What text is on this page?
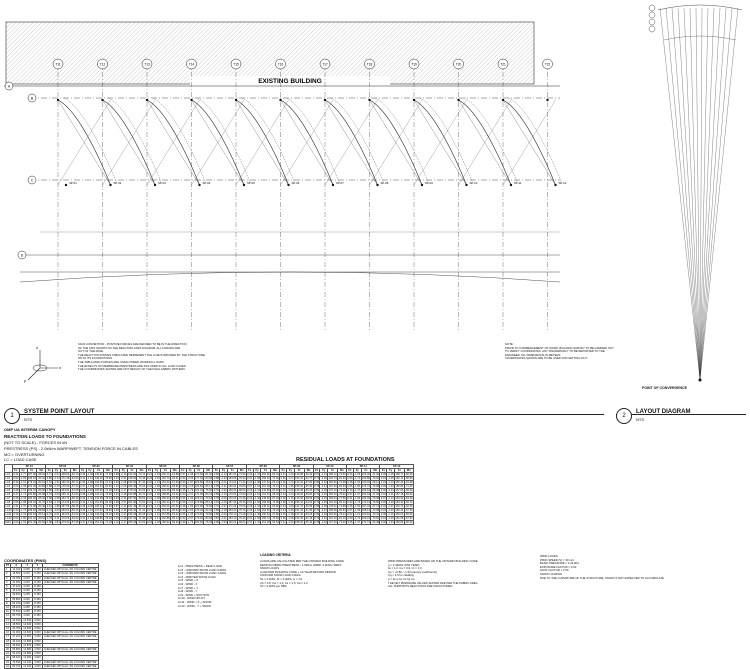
EXISTING BUILDING
SP-01	SP-02	SP-03	SP-04	SP-05	SP-06	SP-07	SP-08	SP-09	SP-10	SP-11	SP-12
T11	T12	T13	T14	T15	T16	T17	T18	T19	T20	T21	T22
A
B
C
D
z
x
y
POINT OF CONVERGENCE
SIGN CONVENTION - POSITIVE FORCES ARE DEFINED TO BE IN THE DIRECTION
OF THE AXIS SHOWN ON THE REACTION AXES DIAGRAM. ALL FORCES ARE
OUT OF THE PAGE.
THE REACTION FORCES TABULATED REPRESENT THE LOADS IMPOSED BY THE STRUCTURE
ONTO ITS FOUNDATIONS.
THE TABULATED FORCES ARE UNFACTORED WORKING LOADS.
THE EFFECTS OF MEMBRANE PRESTRESS ARE INCLUDED IN ALL LOAD CASES.
THE COORDINATES SHOWN ARE NOT RESULT OF THE FINAL FABRIC PATTERN.
NOTE:
PRIOR TO COMMENCEMENT OF WORK, BUILDING SURVEY TO BE CARRIED OUT
TO VERIFY COORDINATES. ANY DISCREPANCY TO BE REPORTED TO THE
ENGINEER. ALL DIMENSIONS IN METERS.
COORDINATES SHOWN ARE TO BE USED FOR SETTING OUT.
1
SYSTEM POINT LAYOUT
NTS
2
LAYOUT DIAGRAM
NTS
OMP UA INTERIM CANOPY
REACTION LOADS TO FOUNDATIONS
(NOT TO SCALE) - FORCES IN kN
PRESTRESS (PS) - 2.0kN/m WARP/WEFT, TENSION FORCE IN CABLES
MO = OVERTURNING
LC = LOAD CASE	RESIDUAL LOADS AT FOUNDATIONS
	SP-01				SP-02				SP-03				SP-04				SP-05				SP-06				SP-07				SP-08				SP-09				SP-10				SP-11				SP-12			
	Fx	Fy	Fz	Mo	Fx	Fy	Fz	Mo	Fx	Fy	Fz	Mo	Fx	Fy	Fz	Mo	Fx	Fy	Fz	Mo	Fx	Fy	Fz	Mo	Fx	Fy	Fz	Mo	Fx	Fy	Fz	Mo	Fx	Fy	Fz	Mo	Fx	Fy	Fz	Mo	Fx	Fy	Fz	Mo	Fx	Fy	Fz	Mo
LC1	0.41	-1.77	187.00	-88.04	0.71	-2.04	168.04	-62.13	0.36	-1.05	145.92	-77.40	0.98	-2.40	192.30	-70.12	0.24	-1.33	160.14	-64.88	0.57	-1.98	173.56	-81.20	0.82	-2.12	181.04	-74.56	0.46	-1.47	152.90	-69.01	0.31	-1.20	149.88	-60.43	0.67	-2.21	188.12	-79.66	0.54	-1.63	166.40	-71.92	0.39	-1.18	158.77	-66.25
LC2	0.52	-1.83	193.10	-90.44	0.80	-2.13	171.48	-64.90	0.41	-1.12	149.20	-79.82	1.04	-2.51	198.64	-72.35	0.29	-1.40	163.70	-66.41	0.62	-2.06	177.02	-83.68	0.88	-2.20	184.88	-76.92	0.51	-1.55	156.34	-71.40	0.36	-1.27	153.10	-62.77	0.72	-2.30	191.74	-81.90	0.59	-1.71	169.86	-74.04	0.44	-1.25	162.11	-68.50
LC3	0.33	-1.61	176.44	-84.10	0.64	-1.92	160.30	-59.72	0.30	-0.98	140.56	-74.01	0.90	-2.28	184.92	-67.40	0.20	-1.24	154.60	-61.93	0.50	-1.87	166.80	-78.10	0.75	-2.01	174.22	-71.34	0.40	-1.38	147.62	-66.10	0.26	-1.12	144.04	-57.80	0.60	-2.10	180.96	-76.38	0.48	-1.54	160.02	-69.11	0.34	-1.10	152.40	-63.48
LC4	0.60	-1.95	201.30	-93.80	0.88	-2.25	176.90	-67.44	0.47	-1.20	154.34	-82.56	1.12	-2.63	205.46	-75.02	0.34	-1.48	168.92	-68.96	0.69	-2.15	182.60	-86.74	0.95	-2.31	190.04	-79.80	0.57	-1.64	161.28	-74.12	0.41	-1.35	158.02	-65.30	0.78	-2.41	197.30	-84.66	0.65	-1.80	174.72	-76.98	0.49	-1.33	166.84	-71.02
LC5	0.28	-1.52	169.70	-80.66	0.58	-1.84	154.82	-57.08	0.26	-0.92	135.90	-71.18	0.84	-2.17	178.10	-64.62	0.17	-1.18	149.48	-59.40	0.46	-1.79	161.04	-75.02	0.70	-1.93	168.40	-68.64	0.36	-1.31	142.86	-63.52	0.22	-1.06	139.38	-55.34	0.56	-2.02	175.10	-73.40	0.44	-1.47	154.64	-66.38	0.30	-1.04	147.06	-60.94
LC6	0.47	-1.71	184.86	-86.98	0.76	-2.09	165.12	-61.54	0.38	-1.08	144.10	-76.66	1.01	-2.45	190.88	-69.70	0.26	-1.36	158.86	-64.02	0.60	-2.01	171.90	-80.44	0.85	-2.16	179.56	-73.90	0.49	-1.51	151.40	-68.36	0.33	-1.23	148.26	-59.84	0.70	-2.25	186.40	-78.92	0.57	-1.67	164.94	-71.30	0.42	-1.21	157.18	-65.62
LC7	0.36	-1.66	180.20	-85.32	0.68	-1.98	162.74	-60.40	0.33	-1.02	142.38	-75.34	0.94	-2.34	187.50	-68.52	0.22	-1.28	156.90	-62.86	0.53	-1.92	169.24	-79.18	0.78	-2.06	176.66	-72.46	0.43	-1.42	149.90	-67.22	0.28	-1.15	146.52	-58.66	0.63	-2.15	183.54	-77.56	0.51	-1.59	162.32	-70.08	0.37	-1.14	154.92	-64.40
LC8	0.55	-1.88	196.42	-91.70	0.84	-2.19	174.06	-66.02	0.44	-1.16	151.66	-81.06	1.08	-2.57	201.96	-73.64	0.31	-1.44	166.24	-67.70	0.66	-2.10	179.80	-85.12	0.91	-2.26	187.36	-78.36	0.54	-1.60	158.68	-72.80	0.38	-1.31	155.44	-64.02	0.75	-2.35	194.40	-83.22	0.62	-1.76	172.16	-75.50	0.46	-1.29	164.32	-69.74
LC9	0.31	-1.57	172.98	-82.40	0.61	-1.88	157.56	-58.36	0.28	-0.95	138.12	-72.60	0.87	-2.22	181.46	-66.00	0.19	-1.21	152.04	-60.66	0.48	-1.83	163.90	-76.56	0.72	-1.97	171.26	-70.00	0.38	-1.34	145.22	-64.82	0.24	-1.09	141.70	-56.56	0.58	-2.06	178.02	-74.88	0.46	-1.50	157.34	-67.74	0.32	-1.07	149.72	-62.20
LC10	0.44	-1.74	189.62	-88.86	0.74	-2.06	169.62	-63.16	0.39	-1.10	147.52	-78.62	1.00	-2.46	195.42	-71.24	0.27	-1.38	161.94	-65.64	0.60	-2.03	175.32	-82.44	0.85	-2.18	183.00	-75.76	0.49	-1.52	154.66	-70.22	0.34	-1.25	151.34	-61.56	0.70	-2.27	189.98	-80.80	0.57	-1.69	168.12	-72.98	0.42	-1.23	160.44	-67.34
LC11	0.39	-1.69	182.54	-86.14	0.70	-2.01	164.04	-61.02	0.35	-1.04	143.26	-76.02	0.96	-2.37	189.18	-69.08	0.23	-1.31	157.88	-63.42	0.55	-1.95	170.56	-79.82	0.80	-2.09	178.12	-73.18	0.44	-1.45	150.64	-67.80	0.30	-1.18	147.40	-59.26	0.65	-2.18	184.96	-78.24	0.52	-1.61	163.62	-70.70	0.38	-1.16	156.04	-65.00
LC12	0.50	-1.80	191.22	-89.62	0.78	-2.11	170.66	-64.02	0.41	-1.13	148.86	-79.18	1.03	-2.49	197.04	-71.86	0.28	-1.41	162.88	-66.14	0.62	-2.07	176.40	-83.06	0.87	-2.21	184.10	-76.40	0.51	-1.56	155.72	-70.84	0.35	-1.28	152.36	-62.16	0.72	-2.31	191.10	-81.46	0.59	-1.72	169.24	-73.62	0.44	-1.26	161.58	-67.92
MAX	0.60	-1.52	201.30	-80.66	0.88	-1.84	176.90	-57.08	0.47	-0.92	154.34	-71.18	1.12	-2.17	205.46	-64.62	0.34	-1.18	168.92	-59.40	0.69	-1.79	182.60	-75.02	0.95	-1.93	190.04	-68.64	0.57	-1.31	161.28	-63.52	0.41	-1.06	158.02	-55.34	0.78	-2.02	197.30	-73.40	0.65	-1.47	174.72	-66.38	0.49	-1.04	166.84	-60.94
COORDINATES (PINS)
PT	X	Y	Z	COMMENTS
1	12.340	4.205	8.150	CHECKED WITH ALL SN COLUMN CENTRE
2	18.560	4.210	8.150	CHECKED WITH ALL SN COLUMN CENTRE
3	24.780	4.215	8.150	CHECKED WITH ALL SN COLUMN CENTRE
4	31.000	4.220	8.150	CHECKED WITH ALL SN COLUMN CENTRE
5	37.220	4.225	8.150	
6	43.440	4.230	8.150	
7	49.660	4.235	8.150	
8	55.880	4.240	8.150	
9	62.100	4.245	8.150	
10	68.320	4.250	8.150	
11	74.540	4.255	8.150	
12	80.760	4.260	8.150	
13	12.340	14.810	3.600	
14	18.560	14.820	3.600	
15	24.780	14.830	3.600	
16	31.000	14.840	3.600	CHECKED WITH ALL SN COLUMN CENTRE
17	37.220	14.850	3.600	CHECKED WITH ALL SN COLUMN CENTRE
18	43.440	14.860	3.600	
19	49.660	14.870	3.600	
20	55.880	14.880	3.600	CHECKED WITH ALL SN COLUMN CENTRE
21	62.100	14.890	3.600	
22	68.320	14.900	3.600	
23	74.540	14.910	3.600	CHECKED WITH ALL SN COLUMN CENTRE
24	80.760	14.920	3.600	CHECKED WITH ALL SN COLUMN CENTRE
LC1 - PRESTRESS + DEAD LOAD
LC2 - UNIFORM SNOW LOAD 0.6kPa
LC3 - UNIFORM SNOW LOAD 1.0kPa
LC4 - DRIFTED SNOW LOAD
LC5 - WIND + X
LC6 - WIND - X
LC7 - WIND + Y
LC8 - WIND - Y
LC9 - WIND + SUCTION
LC10 - WIND UPLIFT
LC11 - WIND + X + SNOW
LC12 - WIND - Y + SNOW
LOADING CRITERIA
LOADS ARE CALCULATED PER THE ONTARIO BUILDING CODE
DESIGN FABRIC PRESTRESS - 2.0kN/m WARP, 2.0kN/m WEFT
SNOW LOADS
LOAD PER BUILDING CODE + 10-YEAR RETURN PERIOD
UNIFORM SNOW LOAD 0.6kPa
Ss = 2.0kPa, Sr = 0.4kPa, Is = 1.0
Cb = 0.8, Cw = 1.0, Cs = 1.0, Ca = 1.0
Sh = 0.6kPa per NBC
WIND PRESSURES ARE BASED ON THE ONTARIO BUILDING CODE
q = 0.44kPa (1/50 YEAR)
Iw = 1.0, Ce = 0.9, Ct = 1.0
Cp = +0.80 / -1.30 (canopy coefficients)
Cg = 2.5 for cladding
p = Iw q Ce Ct Cg Cp
THE NET PRESSURE VALUES SHOWN ARE PER THE FABRIC AREA
ALL SUPPORTS REACTIONS ARE UNFACTORED
WIND LOADS
WIND SPEED (V) = 30 m/s
BASIC PRESSURE = 0.44 kPa
EXPOSURE FACTOR = 0.90
GUST FACTOR = 2.50
SNOW LOADING
DUE TO THE CURVATURE OF THE STRUCTURE, SNOW IS NOT EXPECTED TO ACCUMULATE
